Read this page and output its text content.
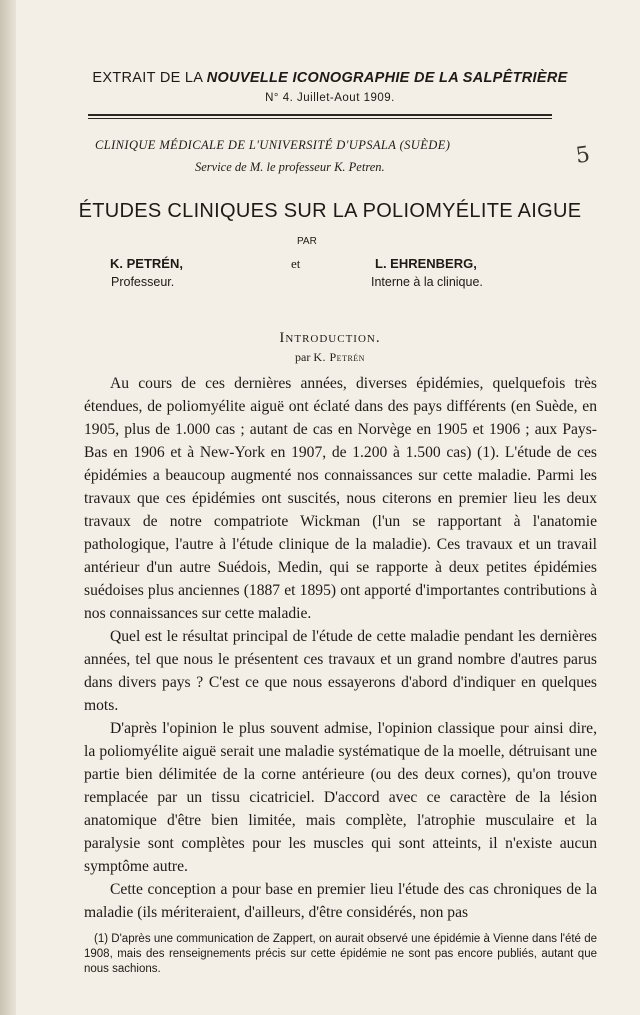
EXTRAIT DE LA NOUVELLE ICONOGRAPHIE DE LA SALPÊTRIÈRE
N° 4. Juillet-Aout 1909.
CLINIQUE MÉDICALE DE L'UNIVERSITÉ D'UPSALA (SUÈDE)
Service de M. le professeur K. Petren.	5
ÉTUDES CLINIQUES SUR LA POLIOMYÉLITE AIGUE
PAR
K. PETRÉN,
Professeur.
et	L. EHRENBERG,
Interne à la clinique.
Introduction.
par K. Petrén

Au cours de ces dernières années, diverses épidémies, quelquefois très étendues, de poliomyélite aiguë ont éclaté dans des pays différents (en Suède, en 1905, plus de 1.000 cas ; autant de cas en Norvège en 1905 et 1906 ; aux Pays-Bas en 1906 et à New-York en 1907, de 1.200 à 1.500 cas) (1). L'étude de ces épidémies a beaucoup augmenté nos connaissances sur cette maladie. Parmi les travaux que ces épidémies ont suscités, nous citerons en premier lieu les deux travaux de notre compatriote Wickman (l'un se rapportant à l'anatomie pathologique, l'autre à l'étude clinique de la maladie). Ces travaux et un travail antérieur d'un autre Suédois, Medin, qui se rapporte à deux petites épidémies suédoises plus anciennes (1887 et 1895) ont apporté d'importantes contributions à nos connaissances sur cette maladie.

Quel est le résultat principal de l'étude de cette maladie pendant les dernières années, tel que nous le présentent ces travaux et un grand nombre d'autres parus dans divers pays ? C'est ce que nous essayerons d'abord d'indiquer en quelques mots.

D'après l'opinion le plus souvent admise, l'opinion classique pour ainsi dire, la poliomyélite aiguë serait une maladie systématique de la moelle, détruisant une partie bien délimitée de la corne antérieure (ou des deux cornes), qu'on trouve remplacée par un tissu cicatriciel. D'accord avec ce caractère de la lésion anatomique d'être bien limitée, mais complète, l'atrophie musculaire et la paralysie sont complètes pour les muscles qui sont atteints, il n'existe aucun symptôme autre.

Cette conception a pour base en premier lieu l'étude des cas chroniques de la maladie (ils mériteraient, d'ailleurs, d'être considérés, non pas

(1) D'après une communication de Zappert, on aurait observé une épidémie à Vienne dans l'été de 1908, mais des renseignements précis sur cette épidémie ne sont pas encore publiés, autant que nous sachions.
